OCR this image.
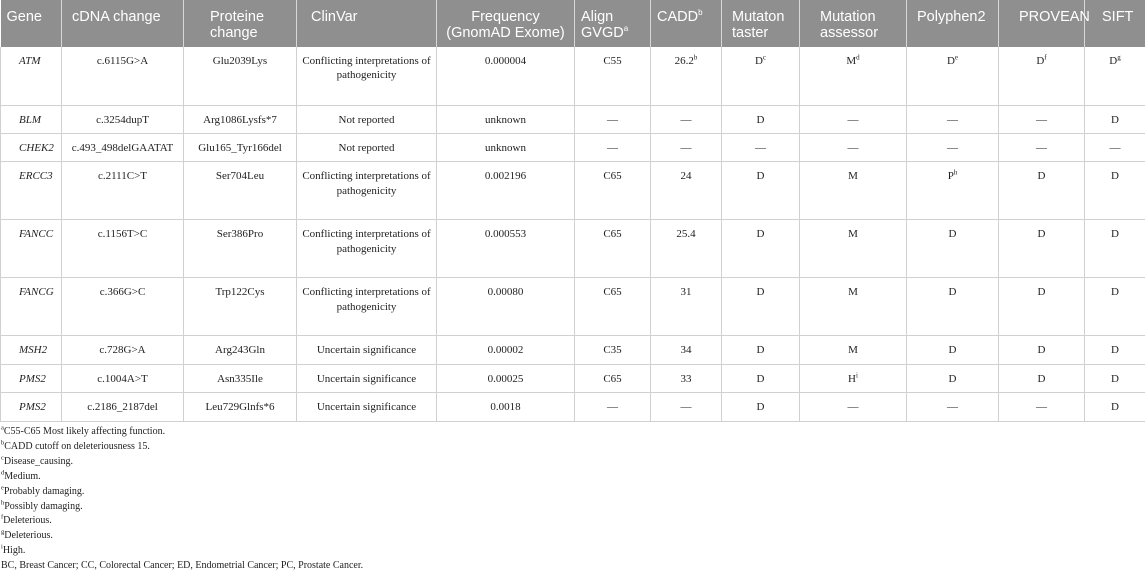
Gene	cDNA change	Proteine change	ClinVar	Frequency (GnomAD Exome)	Align GVGD$^a$	CADD$^b$	Mutaton taster	Mutation assessor	Polyphen2	PROVEAN	SIFT
ATM	c.6115G>A	Glu2039Lys	Conflicting interpretations of pathogenicity	0.000004	C55	26.2$^b$	$D^c$	$M^d$	De	$D^f$	$D^g$
BLM	c.3254dupT	Arg1086Lysfs*7	Not reported	unknown	—	—	D	—	—	—	D
CHEK2	c.493_498delGAATAT	Glu165_Tyr166del	Not reported	unknown	—	—	—	—	—	—	—
ERCC3	c.2111C>T	Ser704Leu	Conflicting interpretations of pathogenicity	0.002196	C65	24	D	M	$P^h$	D	D
FANCC	c.1156T>C	Ser386Pro	Conflicting interpretations of pathogenicity	0.000553	C65	25.4	D	M	D	D	D
FANCG	c.366G>C	Trp122Cys	Conflicting interpretations of pathogenicity	0.00080	C65	31	D	M	D	D	D
MSH2	c.728G>A	Arg243Gln	Uncertain significance	0.00002	C35	34	D	M	D	D	D
PMS2	c.1004A>T	Asn335Ile	Uncertain significance	0.00025	C65	33	D	$H^i$	D	D	D
PMS2	c.2186_2187del	Leu729Glnfs*6	Uncertain significance	0.0018	—	—	D	—	—	—	D
$^a$C55-C65 Most likely affecting function.
$^b$CADD cutoff on deleteriousness 15.
$^c$Disease_causing.
$^d$Medium.
$^e$Probably damaging.
$^h$Possibly damaging.
$^f$Deleterious.
$^g$Deleterious.
$^i$High.
BC, Breast Cancer; CC, Colorectal Cancer; ED, Endometrial Cancer; PC, Prostate Cancer.
